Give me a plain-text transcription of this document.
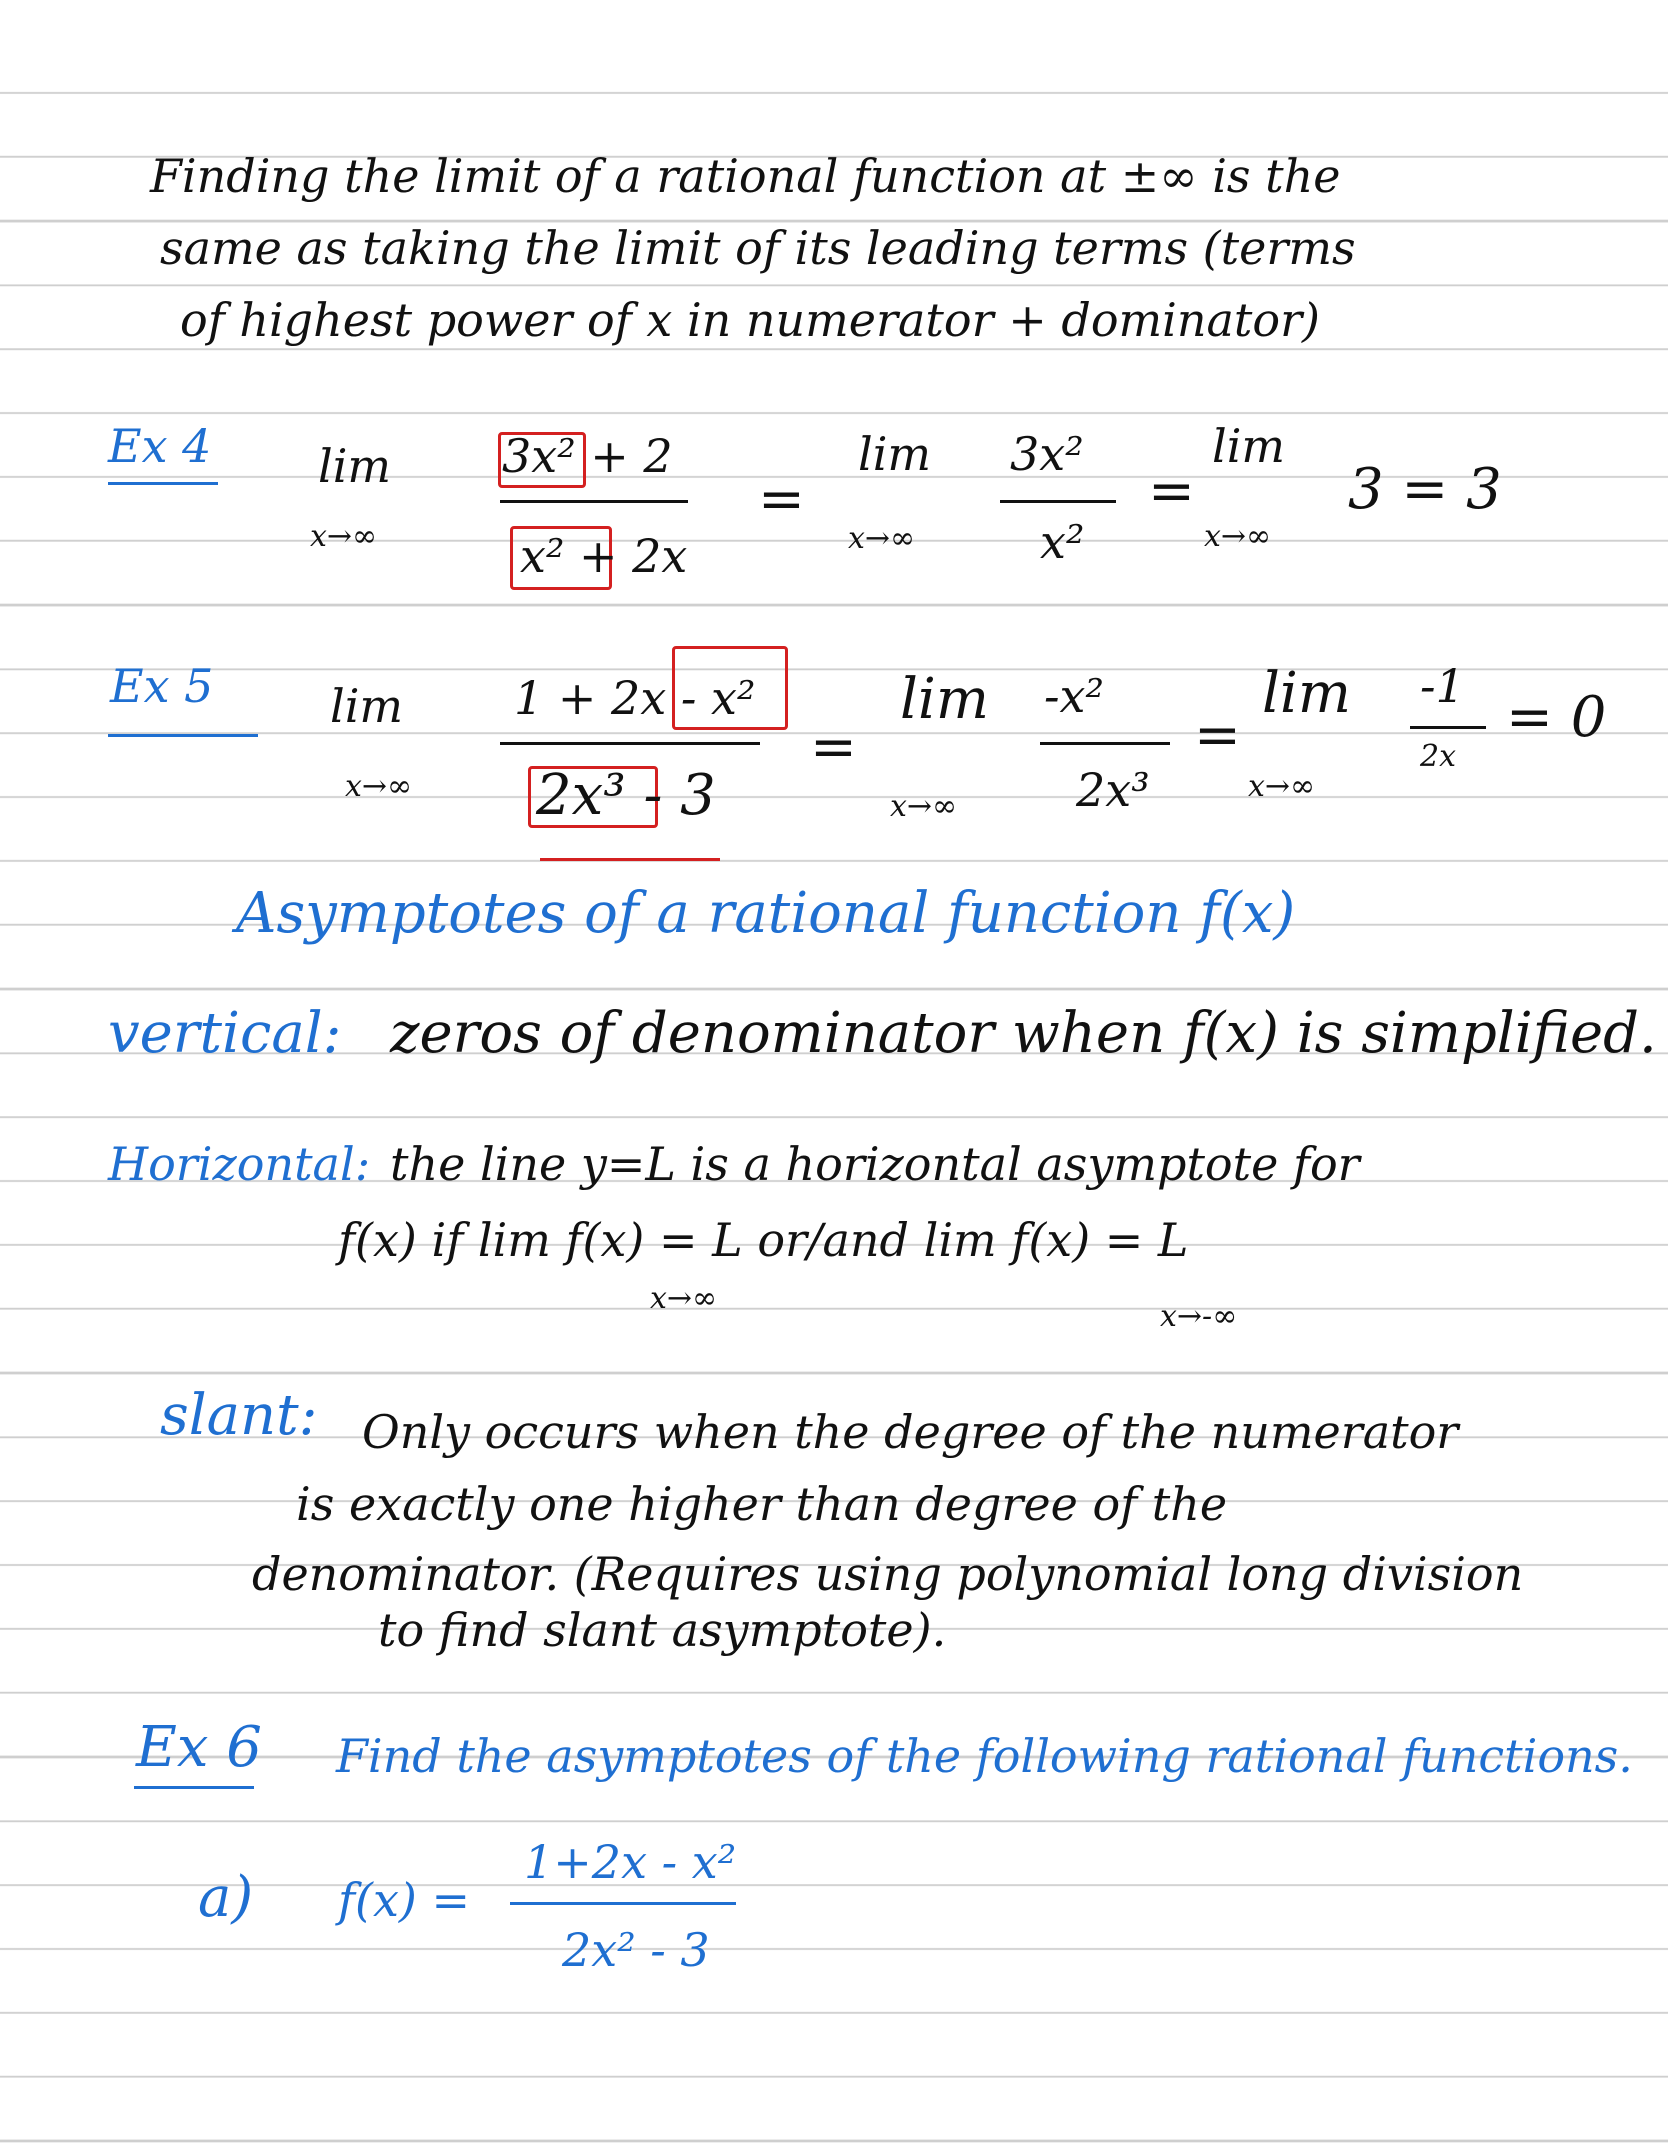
Finding the limit of a rational function at ±∞ is the
same as taking the limit of its leading terms (terms
of highest power of x in numerator + dominator)
Ex 4 lim
x→∞
3x² + 2
x² + 2x
=
lim
x→∞
3x²
x²
=
lim
x→∞
3 = 3
Ex 5	lim
x→∞
1 + 2x - x²
2x³ - 3
=
lim
x→∞
-x²
2x³
=
lim
x→∞
-1
2x
= 0
Asymptotes of a rational function f(x)
vertical: zeros of denominator when f(x) is simplified.
Horizontal: the line y=L is a horizontal asymptote for
f(x) if lim f(x) = L or/and lim f(x) = L
x→∞
x→-∞
slant: Only occurs when the degree of the numerator
is exactly one higher than degree of the
denominator. (Requires using polynomial long division
to find slant asymptote).
Ex 6 Find the asymptotes of the following rational functions.
a) f(x) =
1+2x - x²
2x² - 3
